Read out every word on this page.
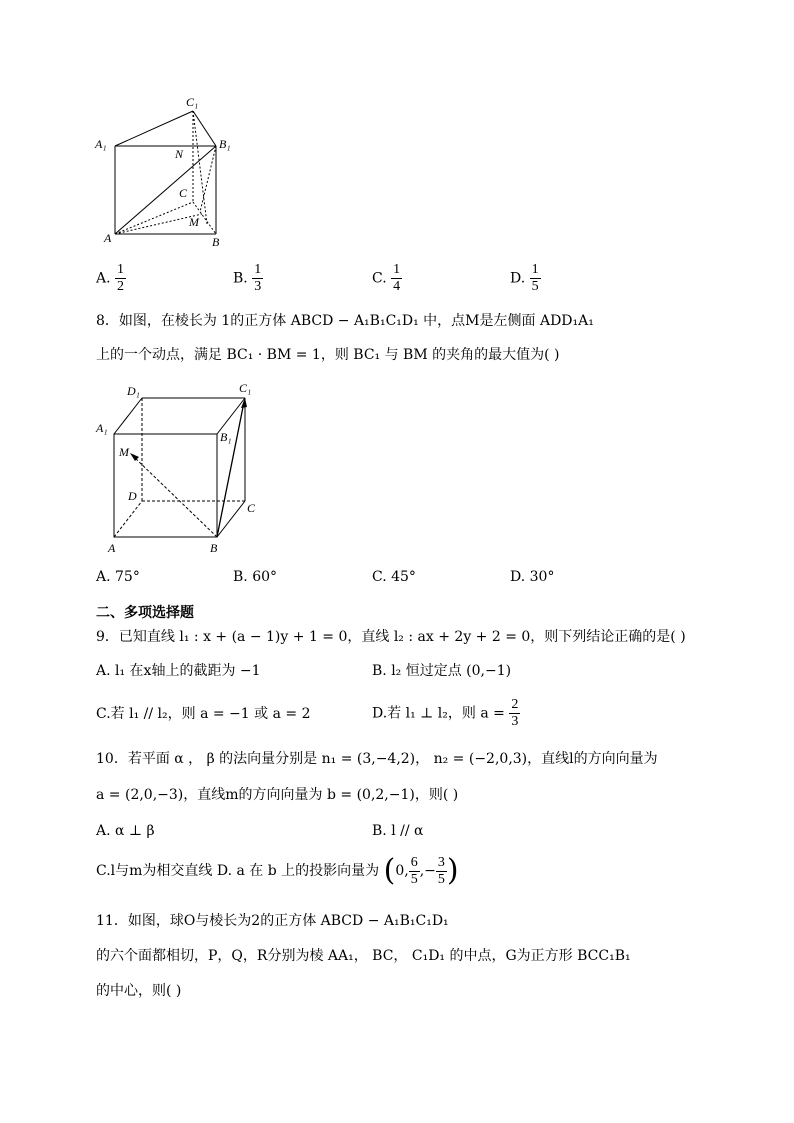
C₁
A₁	B₁
N
C
M
A	B
A. $\frac{1}{2}$	B. $\frac{1}{3}$	C. $\frac{1}{4}$	D. $\frac{1}{5}$
8．如图，在棱长为 1的正方体 ABCD − A₁B₁C₁D₁ 中，点M是左侧面 ADD₁A₁
上的一个动点，满足 BC₁ · BM = 1，则 BC₁ 与 BM 的夹角的最大值为( )
D₁	C₁
A₁
B₁
M
D
C
A	B
A. 75°	B. 60°	C. 45°	D. 30°
二、多项选择题
9．已知直线 l₁ : x + (a − 1)y + 1 = 0，直线 l₂ : ax + 2y + 2 = 0，则下列结论正确的是( )
A. l₁ 在x轴上的截距为 −1	B. l₂ 恒过定点 (0,−1)
C.若 l₁ // l₂，则 a = −1 或 a = 2	D.若 l₁ ⊥ l₂，则 $a = \frac{2}{3}$
10．若平面 α ， β 的法向量分别是 n₁ = (3,−4,2)， n₂ = (−2,0,3)，直线l的方向向量为
a = (2,0,−3)，直线m的方向向量为 b = (0,2,−1)，则( )
A. α ⊥ β	B. l // α
C.l与m为相交直线 D. a 在 b 上的投影向量为 ( 0, $\frac{6}{5}$ ,− $\frac{3}{5}$ )
11．如图，球O与棱长为2的正方体 ABCD − A₁B₁C₁D₁
的六个面都相切，P，Q，R分别为棱 AA₁， BC， C₁D₁ 的中点，G为正方形 BCC₁B₁
的中心，则( )
